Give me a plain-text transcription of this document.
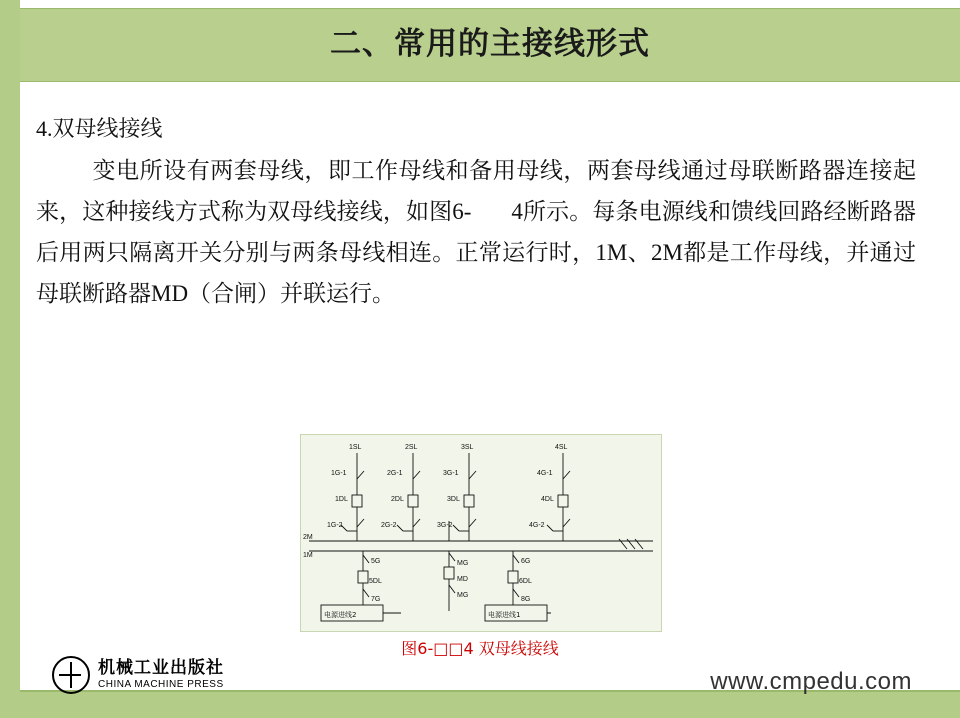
二、常用的主接线形式

4.双母线接线

变电所设有两套母线，即工作母线和备用母线，两套母线通过母联断路器连接起来，这种接线方式称为双母线接线，如图6- 4所示。每条电源线和馈线回路经断路器后用两只隔离开关分别与两条母线相连。正常运行时，1M、2M都是工作母线，并通过母联断路器MD（合闸）并联运行。

1SL	2SL	3SL	4SL
1G-1	2G-1	3G-1	4G-1
1DL	2DL	3DL	4DL
1G-2	2G-2	3G-2	4G-2
2M
1M
MG
MD
MG
5G
5DL
7G
6G
6DL
8G
电源进线2	电源进线1
图6-□□4 双母线接线
机械工业出版社
CHINA MACHINE PRESS	www.cmpedu.com
